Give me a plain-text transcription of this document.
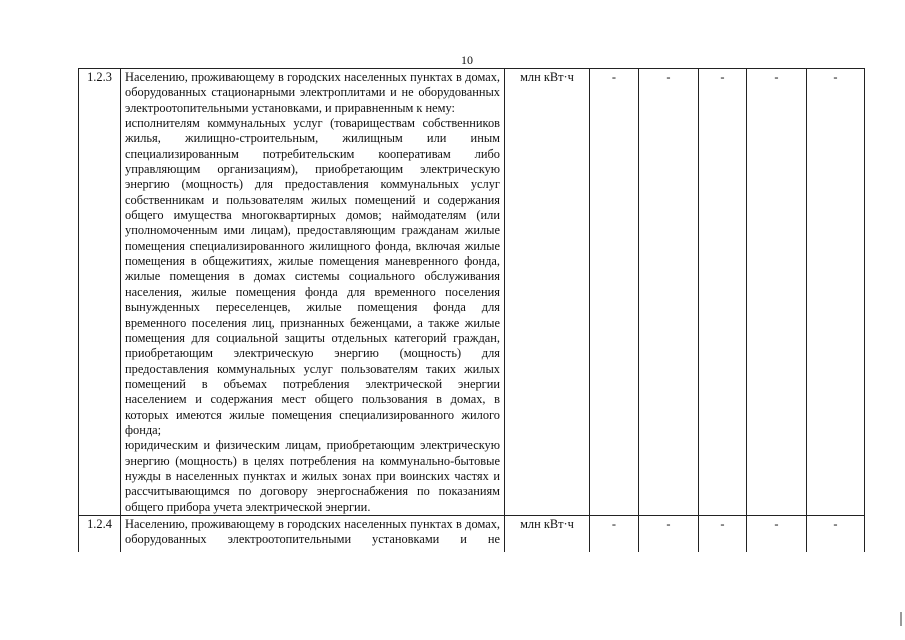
10
1.2.3	Населению, проживающему в городских населенных пунктах в домах, оборудованных стационарными электроплитами и не оборудованных электроотопительными установками, и приравненным к нему:
исполнителям коммунальных услуг (товариществам собственников жилья, жилищно-строительным, жилищным или иным специализированным потребительским кооперативам либо управляющим организациям), приобретающим электрическую энергию (мощность) для предоставления коммунальных услуг собственникам и пользователям жилых помещений и содержания общего имущества многоквартирных домов; наймодателям (или уполномоченным ими лицам), предоставляющим гражданам жилые помещения специализированного жилищного фонда, включая жилые помещения в общежитиях, жилые помещения маневренного фонда, жилые помещения в домах системы социального обслуживания населения, жилые помещения фонда для временного поселения вынужденных переселенцев, жилые помещения фонда для временного поселения лиц, признанных беженцами, а также жилые помещения для социальной защиты отдельных категорий граждан, приобретающим электрическую энергию (мощность) для предоставления коммунальных услуг пользователям таких жилых помещений в объемах потребления электрической энергии населением и содержания мест общего пользования в домах, в которых имеются жилые помещения специализированного жилого фонда;
юридическим и физическим лицам, приобретающим электрическую энергию (мощность) в целях потребления на коммунально-бытовые нужды в населенных пунктах и жилых зонах при воинских частях и рассчитывающимся по договору энергоснабжения по показаниям общего прибора учета электрической энергии.	млн кВт·ч	-	-	-	-	-
1.2.4	Населению, проживающему в городских населенных пунктах в домах, оборудованных электроотопительными установками и не	млн кВт·ч	-	-	-	-	-
